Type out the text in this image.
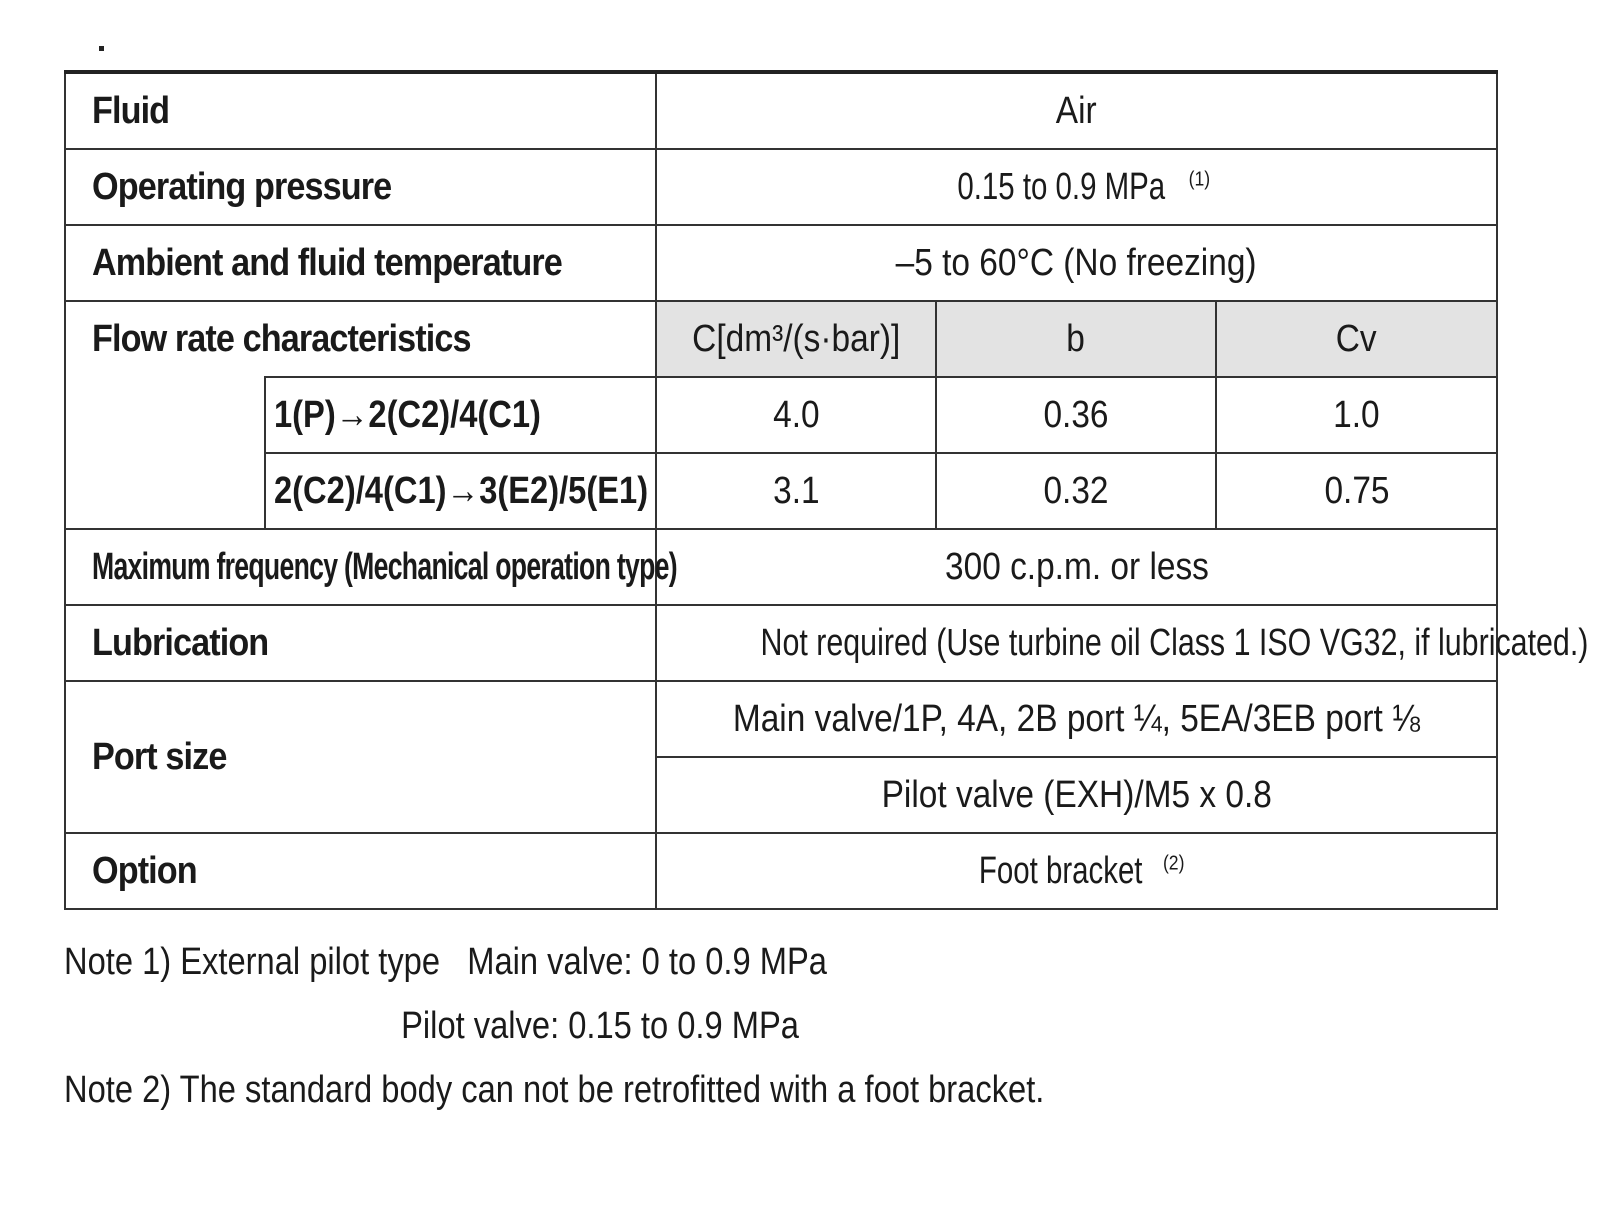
Fluid		Air		
Operating pressure		0.15 to 0.9 MPa $^{(1)}$
Ambient and fluid temperature		–5 to 60°C (No freezing)		
Flow rate characteristics		C[dm³/(s·bar)]	b	Cv
	1(P)→2(C2)/4(C1)	4.0	0.36	1.0
	2(C2)/4(C1)→3(E2)/5(E1)	3.1	0.32	0.75
Maximum frequency (Mechanical operation type)		300 c.p.m. or less		
Lubrication		Not required (Use turbine oil Class 1 ISO VG32, if lubricated.)		
Port size		Main valve/1P, 4A, 2B port ¼, 5EA/3EB port ⅛		
		Pilot valve (EXH)/M5 x 0.8		
Option		Foot bracket $^{(2)}$
Note 1) External pilot type Main valve: 0 to 0.9 MPa
Pilot valve: 0.15 to 0.9 MPa
Note 2) The standard body can not be retrofitted with a foot bracket.
